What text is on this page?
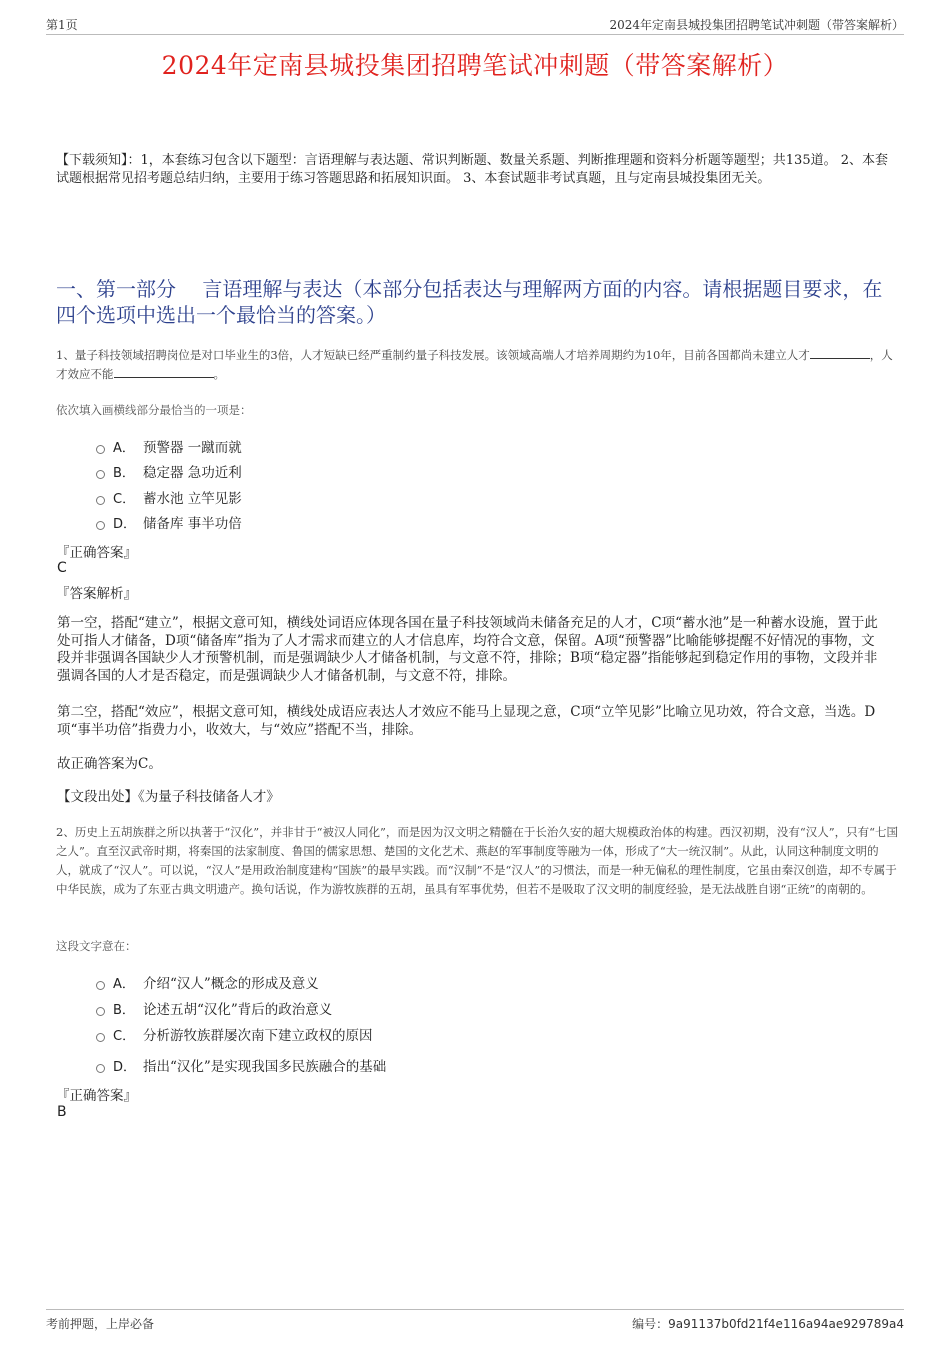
第1页	2024年定南县城投集团招聘笔试冲刺题（带答案解析）
2024年定南县城投集团招聘笔试冲刺题（带答案解析）
【下载须知】：1，本套练习包含以下题型：言语理解与表达题、常识判断题、数量关系题、判断推理题和资料分析题等题型；共135道。 2、本套试题根据常见招考题总结归纳，主要用于练习答题思路和拓展知识面。 3、本套试题非考试真题，且与定南县城投集团无关。
一、第一部分　 言语理解与表达（本部分包括表达与理解两方面的内容。请根据题目要求，在四个选项中选出一个最恰当的答案。）
1、量子科技领域招聘岗位是对口毕业生的3倍，人才短缺已经严重制约量子科技发展。该领域高端人才培养周期约为10年，目前各国都尚未建立人才	，人才效应不能	。
依次填入画横线部分最恰当的一项是：
A． 预警器 一蹴而就
B． 稳定器 急功近利
C． 蓄水池 立竿见影
D． 储备库 事半功倍
『正确答案』
C
『答案解析』
第一空，搭配“建立”，根据文意可知，横线处词语应体现各国在量子科技领域尚未储备充足的人才，C项“蓄水池”是一种蓄水设施，置于此处可指人才储备，D项“储备库”指为了人才需求而建立的人才信息库，均符合文意，保留。A项“预警器”比喻能够提醒不好情况的事物，文段并非强调各国缺少人才预警机制，而是强调缺少人才储备机制，与文意不符，排除；B项“稳定器”指能够起到稳定作用的事物，文段并非强调各国的人才是否稳定，而是强调缺少人才储备机制，与文意不符，排除。
第二空，搭配“效应”，根据文意可知，横线处成语应表达人才效应不能马上显现之意，C项“立竿见影”比喻立见功效，符合文意，当选。D项“事半功倍”指费力小，收效大，与“效应”搭配不当，排除。
故正确答案为C。
【文段出处】《为量子科技储备人才》
2、历史上五胡族群之所以执著于“汉化”，并非甘于“被汉人同化”，而是因为汉文明之精髓在于长治久安的超大规模政治体的构建。西汉初期，没有“汉人”，只有“七国之人”。直至汉武帝时期，将秦国的法家制度、鲁国的儒家思想、楚国的文化艺术、燕赵的军事制度等融为一体，形成了“大一统汉制”。从此，认同这种制度文明的人，就成了“汉人”。可以说，“汉人”是用政治制度建构“国族”的最早实践。而“汉制”不是“汉人”的习惯法，而是一种无偏私的理性制度，它虽由秦汉创造，却不专属于中华民族，成为了东亚古典文明遗产。换句话说，作为游牧族群的五胡，虽具有军事优势，但若不是吸取了汉文明的制度经验，是无法战胜自诩“正统”的南朝的。
这段文字意在：
A． 介绍“汉人”概念的形成及意义
B． 论述五胡“汉化”背后的政治意义
C． 分析游牧族群屡次南下建立政权的原因
D． 指出“汉化”是实现我国多民族融合的基础
『正确答案』
B
考前押题，上岸必备	编号：9a91137b0fd21f4e116a94ae929789a4
